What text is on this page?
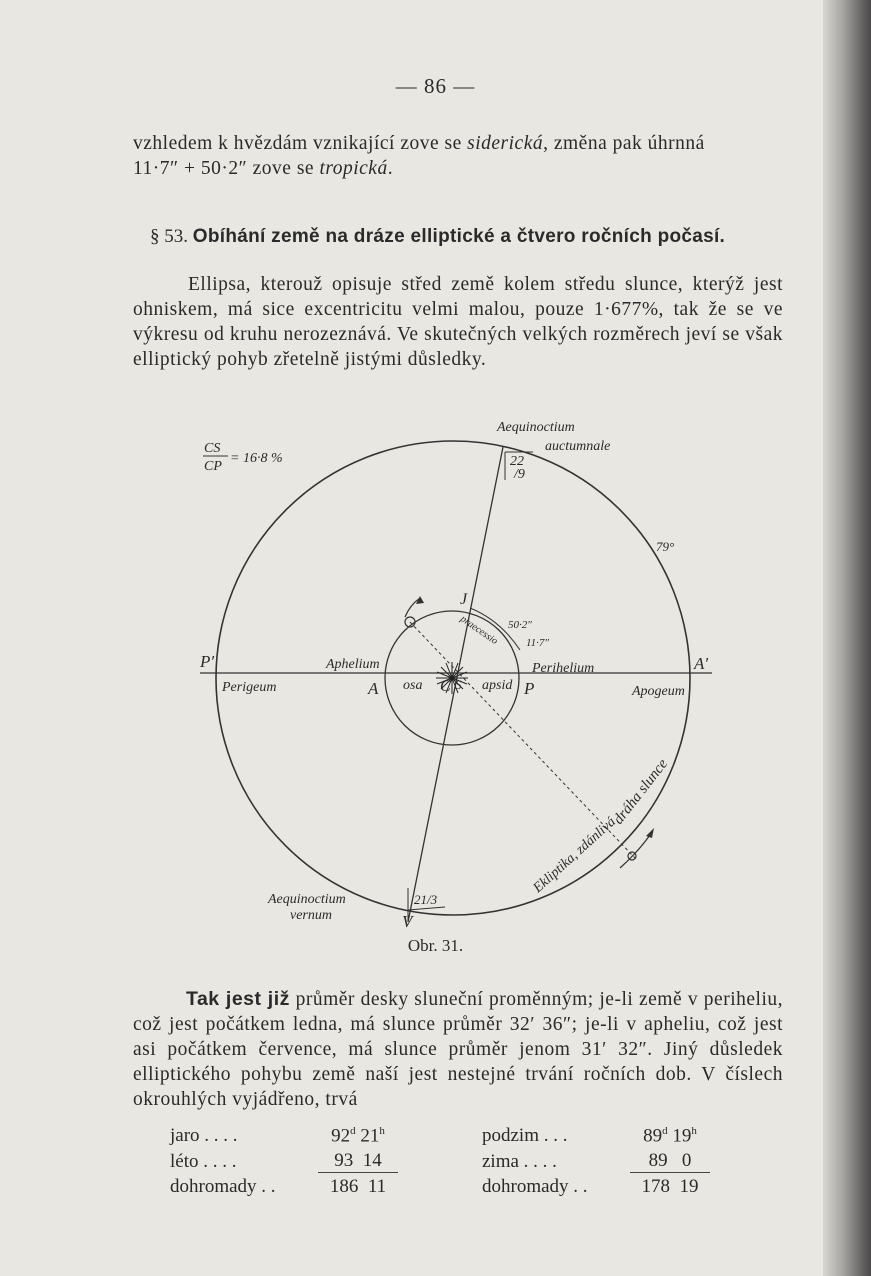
— 86 —
vzhledem k hvězdám vznikající zove se siderická, změna pak úhrnná
11·7″ + 50·2″ zove se tropická.
§ 53. Obíhání země na dráze elliptické a čtvero ročních počasí.
Ellipsa, kterouž opisuje střed země kolem středu slunce, kterýž jest ohniskem, má sice excentricitu velmi malou, pouze 1·677%, tak že se ve výkresu od kruhu nerozeznává. Ve skutečných velkých rozměrech jeví se však elliptický pohyb zřetelně jistými důsledky.
CS
CP
= 16·8 %
Aequinoctium
auctumnale
22
/9
79°
J
praecessio 50·2″
11·7″
P′
Perigeum
Aphelium
A osa C S apsid
Perihelium
P
A′
Apogeum
dráha slunce
Ekliptika, zdánlivá
Aequinoctium
vernum
21/3
V
Obr. 31.
Tak jest již průměr desky sluneční proměnným; je-li země v periheliu, což jest počátkem ledna, má slunce průměr 32′ 36″; je-li v apheliu, což jest asi počátkem července, má slunce průměr jenom 31′ 32″. Jiný důsledek elliptického pohybu země naší jest nestejné trvání ročních dob. V číslech okrouhlých vyjádřeno, trvá
jaro . . . .	92$^d$ 21$^h$		podzim . . .	89$^d$ 19$^h$
léto . . . .	93 14		zima . . . .	89 0
dohromady . .	186 11		dohromady . .	178 19
